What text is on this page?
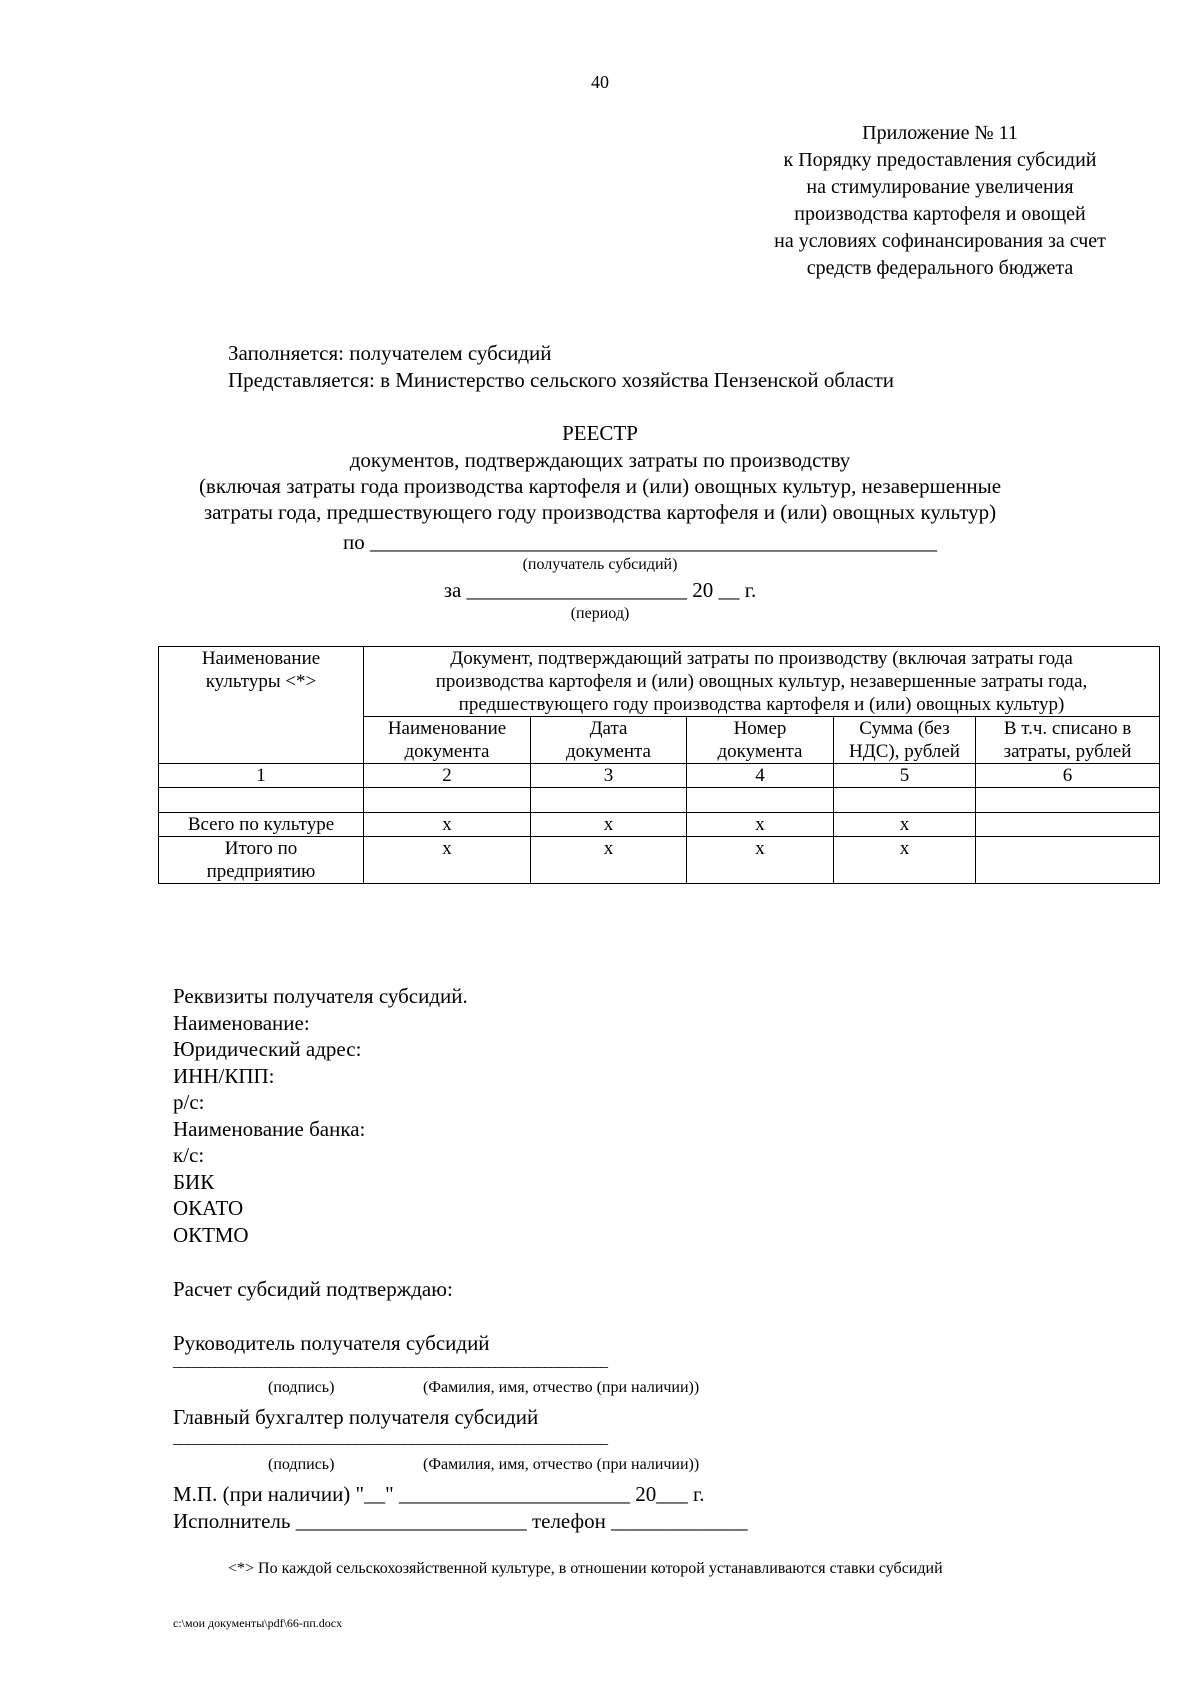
40
Приложение № 11
к Порядку предоставления субсидий
на стимулирование увеличения
производства картофеля и овощей
на условиях софинансирования за счет
средств федерального бюджета
Заполняется: получателем субсидий
Представляется: в Министерство сельского хозяйства Пензенской области
РЕЕСТР
документов, подтверждающих затраты по производству
(включая затраты года производства картофеля и (или) овощных культур, незавершенные
затраты года, предшествующего году производства картофеля и (или) овощных культур)
по ______________________________________________________
(получатель субсидий)
за _____________________ 20 __ г.
(период)
Наименование культуры <*>	Документ, подтверждающий затраты по производству (включая затраты года производства картофеля и (или) овощных культур, незавершенные затраты года, предшествующего году производства картофеля и (или) овощных культур)				
	Наименование документа	Дата документа	Номер документа	Сумма (без НДС), рублей	В т.ч. списано в затраты, рублей
1	2	3	4	5	6

Всего по культуре	х	х	х	х	
Итого по предприятию	х	х	х	х	
Реквизиты получателя субсидий.
Наименование:
Юридический адрес:
ИНН/КПП:
р/с:
Наименование банка:
к/с:
БИК
ОКАТО
ОКТМО
Расчет субсидий подтверждаю:
Руководитель получателя субсидий
______________________________________________________________
(подпись)	(Фамилия, имя, отчество (при наличии))
Главный бухгалтер получателя субсидий
______________________________________________________________
(подпись)	(Фамилия, имя, отчество (при наличии))
М.П. (при наличии) "__" ______________________ 20___ г.
Исполнитель ______________________ телефон _____________
<*> По каждой сельскохозяйственной культуре, в отношении которой устанавливаются ставки субсидий
c:\мои документы\pdf\66-пп.docx
